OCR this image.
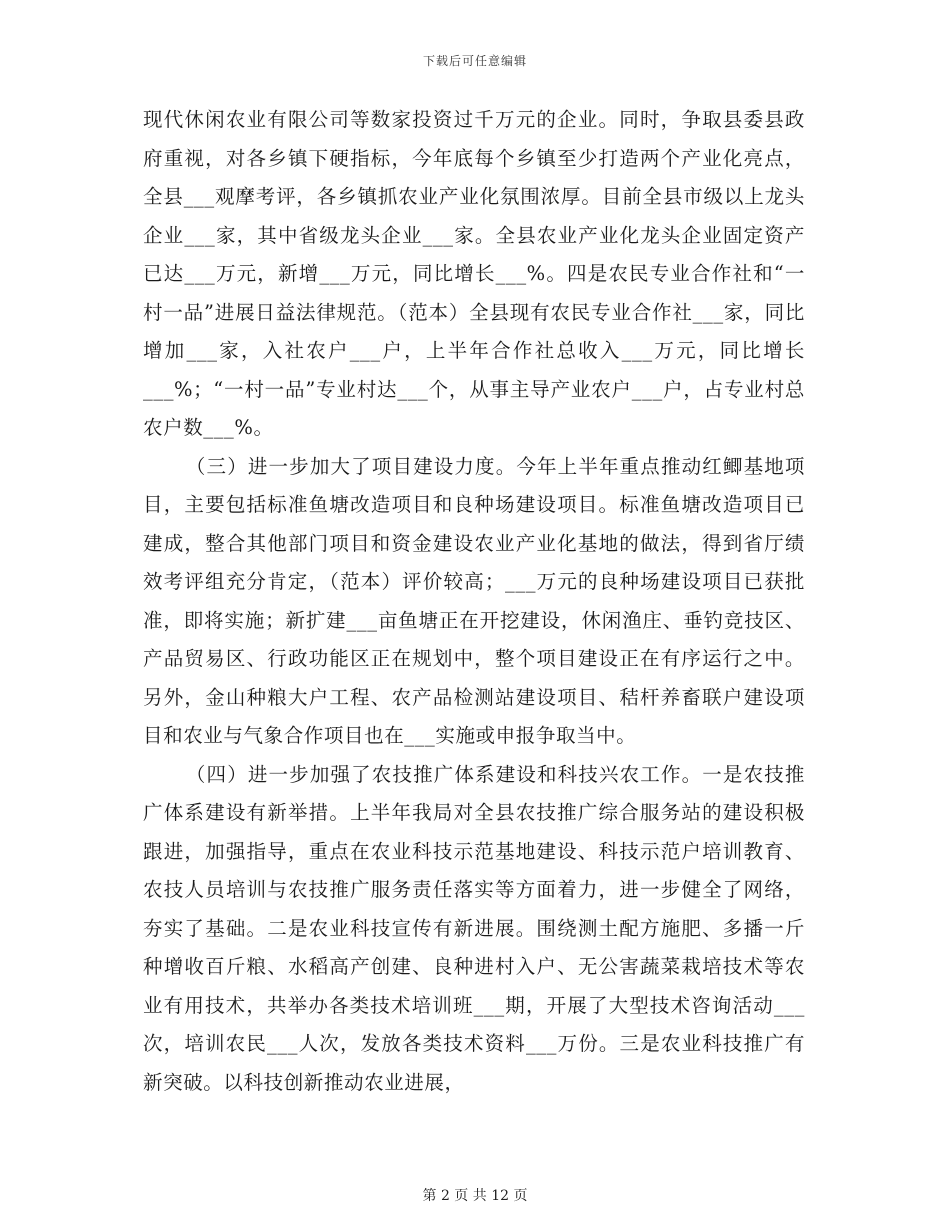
下载后可任意编辑

现代休闲农业有限公司等数家投资过千万元的企业。同时，争取县委县政府重视，对各乡镇下硬指标，今年底每个乡镇至少打造两个产业化亮点，全县___观摩考评，各乡镇抓农业产业化氛围浓厚。目前全县市级以上龙头企业___家，其中省级龙头企业___家。全县农业产业化龙头企业固定资产已达___万元，新增___万元，同比增长___%。四是农民专业合作社和“一村一品”进展日益法律规范。（范本）全县现有农民专业合作社___家，同比增加___家，入社农户___户，上半年合作社总收入___万元，同比增长___%；“一村一品”专业村达___个，从事主导产业农户___户，占专业村总农户数___%。

（三）进一步加大了项目建设力度。今年上半年重点推动红鲫基地项目，主要包括标准鱼塘改造项目和良种场建设项目。标准鱼塘改造项目已建成，整合其他部门项目和资金建设农业产业化基地的做法，得到省厅绩效考评组充分肯定，（范本）评价较高；___万元的良种场建设项目已获批准，即将实施；新扩建___亩鱼塘正在开挖建设，休闲渔庄、垂钓竞技区、产品贸易区、行政功能区正在规划中，整个项目建设正在有序运行之中。另外，金山种粮大户工程、农产品检测站建设项目、秸杆养畜联户建设项目和农业与气象合作项目也在___实施或申报争取当中。

（四）进一步加强了农技推广体系建设和科技兴农工作。一是农技推广体系建设有新举措。上半年我局对全县农技推广综合服务站的建设积极跟进，加强指导，重点在农业科技示范基地建设、科技示范户培训教育、农技人员培训与农技推广服务责任落实等方面着力，进一步健全了网络，夯实了基础。二是农业科技宣传有新进展。围绕测土配方施肥、多播一斤种增收百斤粮、水稻高产创建、良种进村入户、无公害蔬菜栽培技术等农业有用技术，共举办各类技术培训班___期，开展了大型技术咨询活动___次，培训农民___人次，发放各类技术资料___万份。三是农业科技推广有新突破。以科技创新推动农业进展，

第 2 页 共 12 页
